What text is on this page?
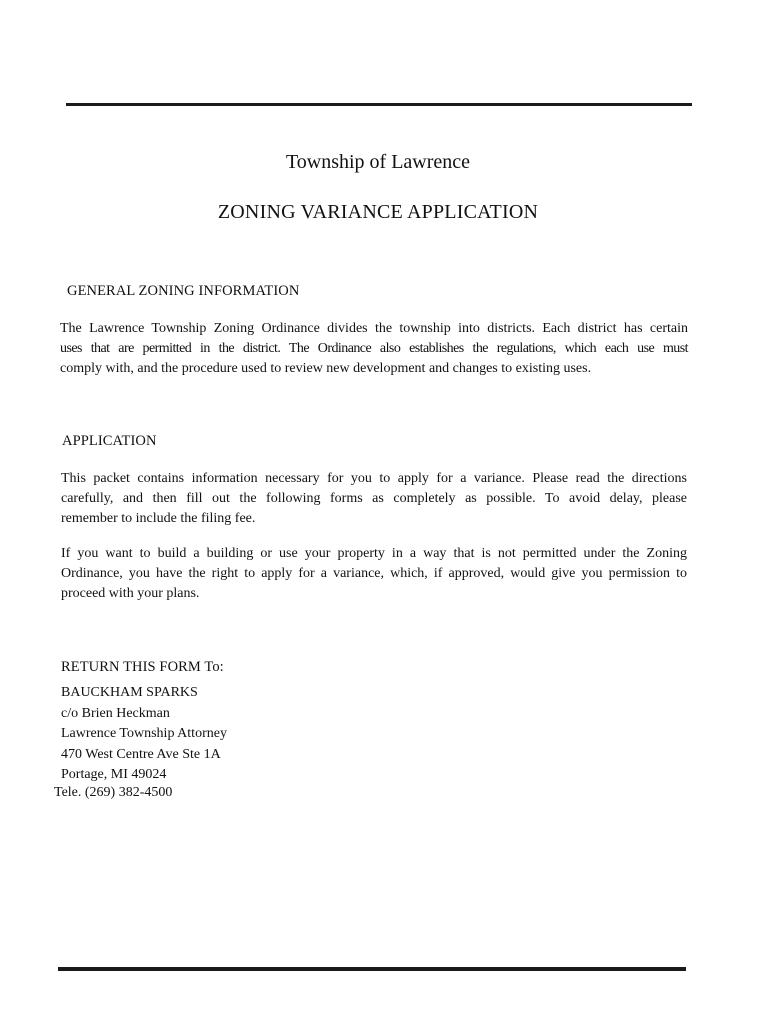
Township of Lawrence
ZONING VARIANCE APPLICATION
GENERAL ZONING INFORMATION

The Lawrence Township Zoning Ordinance divides the township into districts. Each district has certain
uses that are permitted in the district. The Ordinance also establishes the regulations, which each use must
comply with, and the procedure used to review new development and changes to existing uses.

APPLICATION

This packet contains information necessary for you to apply for a variance. Please read the directions
carefully, and then fill out the following forms as completely as possible. To avoid delay, please
remember to include the filing fee.

If you want to build a building or use your property in a way that is not permitted under the Zoning
Ordinance, you have the right to apply for a variance, which, if approved, would give you permission to
proceed with your plans.

RETURN THIS FORM To:
BAUCKHAM SPARKS
c/o Brien Heckman
Lawrence Township Attorney
470 West Centre Ave Ste 1A
Portage, MI 49024

Tele. (269) 382-4500
